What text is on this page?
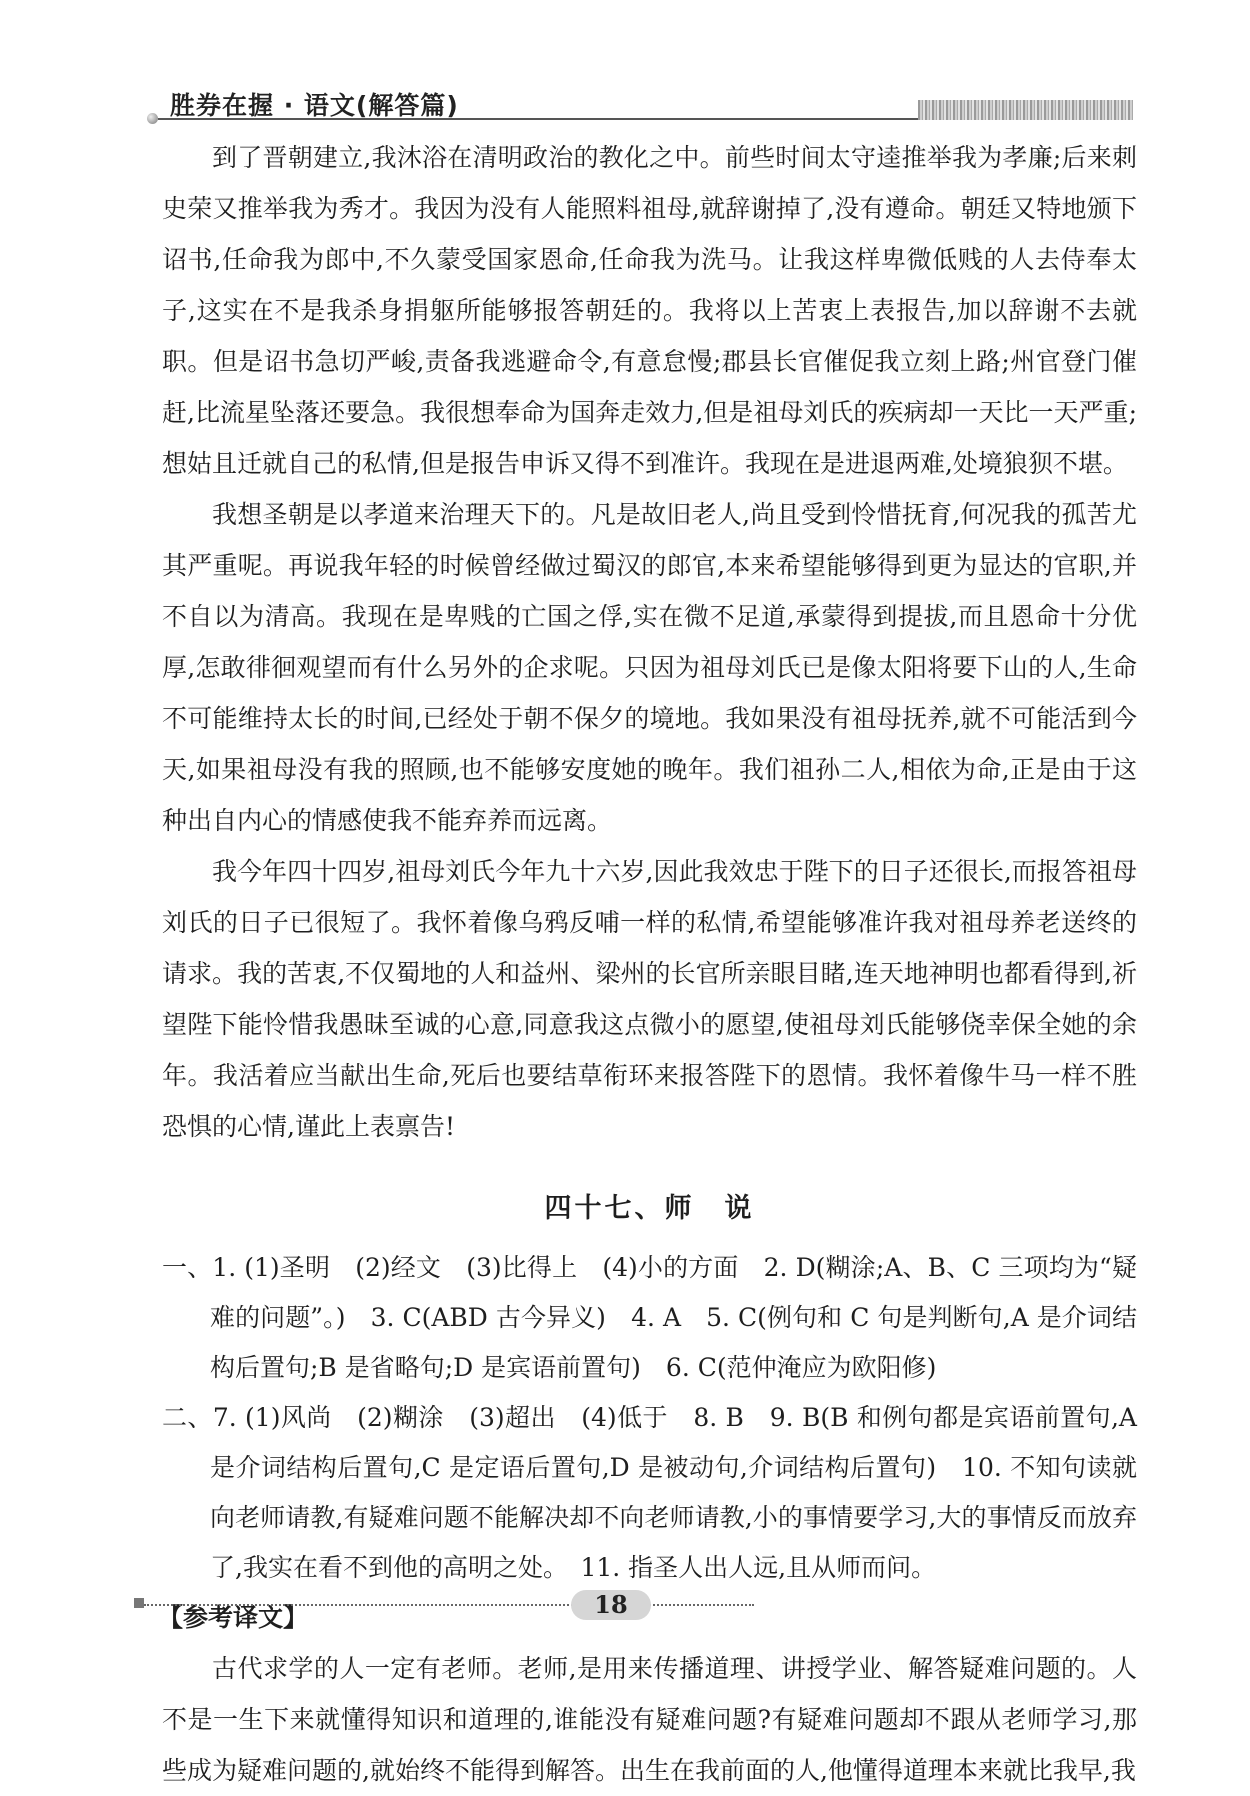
胜券在握 · 语文(解答篇)

到了晋朝建立,我沐浴在清明政治的教化之中。前些时间太守逵推举我为孝廉;后来刺史荣又推举我为秀才。我因为没有人能照料祖母,就辞谢掉了,没有遵命。朝廷又特地颁下诏书,任命我为郎中,不久蒙受国家恩命,任命我为洗马。让我这样卑微低贱的人去侍奉太子,这实在不是我杀身捐躯所能够报答朝廷的。我将以上苦衷上表报告,加以辞谢不去就职。但是诏书急切严峻,责备我逃避命令,有意怠慢;郡县长官催促我立刻上路;州官登门催赶,比流星坠落还要急。我很想奉命为国奔走效力,但是祖母刘氏的疾病却一天比一天严重;想姑且迁就自己的私情,但是报告申诉又得不到准许。我现在是进退两难,处境狼狈不堪。

我想圣朝是以孝道来治理天下的。凡是故旧老人,尚且受到怜惜抚育,何况我的孤苦尤其严重呢。再说我年轻的时候曾经做过蜀汉的郎官,本来希望能够得到更为显达的官职,并不自以为清高。我现在是卑贱的亡国之俘,实在微不足道,承蒙得到提拔,而且恩命十分优厚,怎敢徘徊观望而有什么另外的企求呢。只因为祖母刘氏已是像太阳将要下山的人,生命不可能维持太长的时间,已经处于朝不保夕的境地。我如果没有祖母抚养,就不可能活到今天,如果祖母没有我的照顾,也不能够安度她的晚年。我们祖孙二人,相依为命,正是由于这种出自内心的情感使我不能弃养而远离。

我今年四十四岁,祖母刘氏今年九十六岁,因此我效忠于陛下的日子还很长,而报答祖母刘氏的日子已很短了。我怀着像乌鸦反哺一样的私情,希望能够准许我对祖母养老送终的请求。我的苦衷,不仅蜀地的人和益州、梁州的长官所亲眼目睹,连天地神明也都看得到,祈望陛下能怜惜我愚昧至诚的心意,同意我这点微小的愿望,使祖母刘氏能够侥幸保全她的余年。我活着应当献出生命,死后也要结草衔环来报答陛下的恩情。我怀着像牛马一样不胜恐惧的心情,谨此上表禀告!

四十七、师　说

一、1. (1)圣明　(2)经文　(3)比得上　(4)小的方面　2. D(糊涂;A、B、C 三项均为“疑难的问题”。)　3. C(ABD 古今异义)　4. A　5. C(例句和 C 句是判断句,A 是介词结构后置句;B 是省略句;D 是宾语前置句)　6. C(范仲淹应为欧阳修)

二、7. (1)风尚　(2)糊涂　(3)超出　(4)低于　8. B　9. B(B 和例句都是宾语前置句,A 是介词结构后置句,C 是定语后置句,D 是被动句,介词结构后置句)　10. 不知句读就向老师请教,有疑难问题不能解决却不向老师请教,小的事情要学习,大的事情反而放弃了,我实在看不到他的高明之处。　11. 指圣人出人远,且从师而问。

【参考译文】

古代求学的人一定有老师。老师,是用来传播道理、讲授学业、解答疑难问题的。人不是一生下来就懂得知识和道理的,谁能没有疑难问题?有疑难问题却不跟从老师学习,那些成为疑难问题的,就始终不能得到解答。出生在我前面的人,他懂得道理本来就比我早,我

18
